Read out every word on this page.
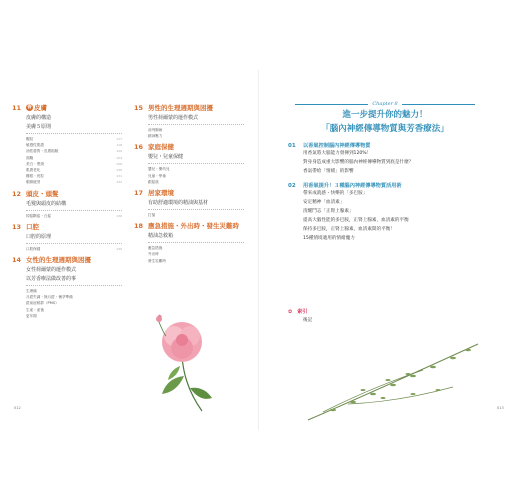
11	香 皮膚
皮膚的構造
美膚５原則
醒紋	117
敏感性肌膚	118
油性膚質・皮膚粗糙	120
面皰	124
美白・黑斑	126
肌膚老化	130
雞眼・疣粒	131
眼睛疲勞	132
12 頭皮・頭髮
毛髮與頭皮的結構
掉髮斷髮・白髮	136
13 口腔
口腔的原理
口腔保健	139
14 女性的生理週期與困擾
女性荷爾蒙的運作模式
以芳香療法做改善的事
生理痛
月經失調・無月經・懷孕準備
經前症候群（PMS）
生產・產後
更年期
15 男性的生理週期與困擾
男性荷爾蒙的運作模式
前列腺病
精神壓力
16 家庭保健
嬰兒・兒童保健
嬰兒・樂幼兒
兒童・學童
銀髮族
17 居家環境
有助舒適環境的精油與基材
打掃
18 應急措施・外出時・發生災難時
精油急救箱
應急措施
外出時
發生災難時
Chapter 8
進一步提升你的魅力！
「腦內神經傳導物質與芳香療法」
01	以香氣控制腦內神經傳導物質
用香氣將大腦能力發揮到120%！
對身身造成重大影響的腦內神經傳導物質到底是什麼？
香氣帶給「情緒」的影響
02	用香氣提升！３種腦內神經傳導物質活用術
帶來成就感・快樂的「多巴胺」
安定精神「血清素」
清醒鬥志「正腎上腺素」
提高大腦性能的多巴胺，正腎上腺素，血清素的平衡
保持多巴胺，正腎上腺素，血清素間的平衡！
15種情境適用的情緒魔力
✿ 索引
後記
012	013
